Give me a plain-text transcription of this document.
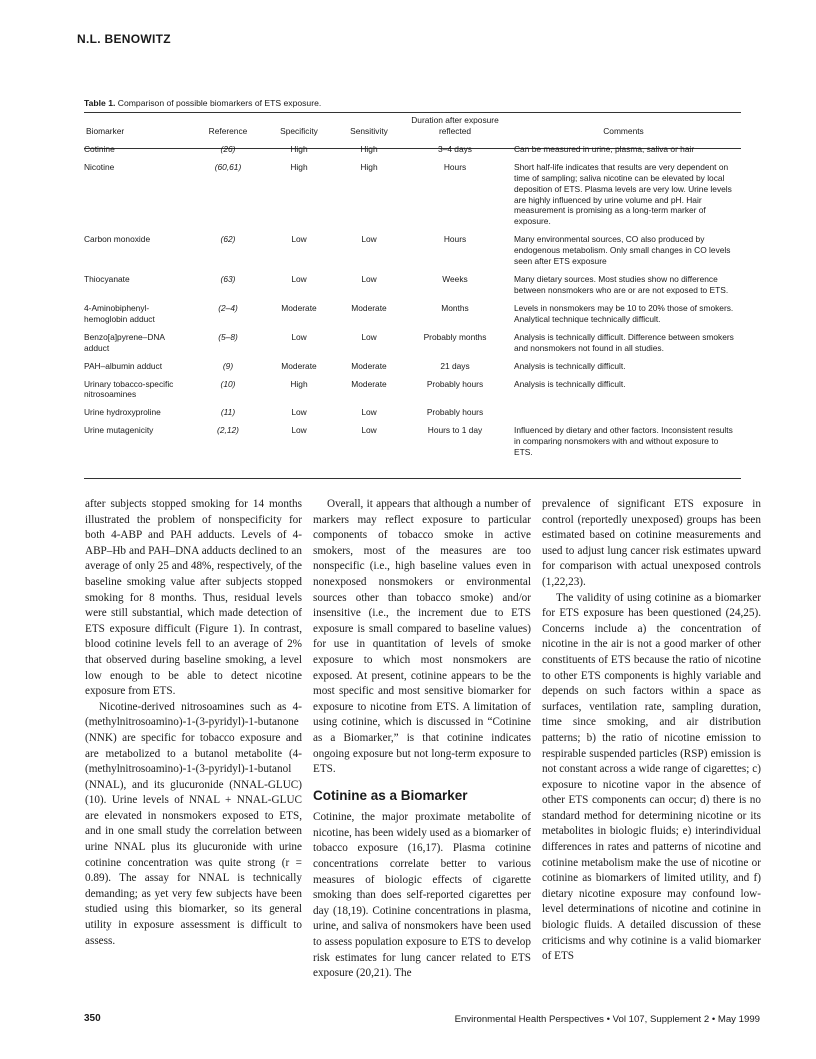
N.L. BENOWITZ
Table 1. Comparison of possible biomarkers of ETS exposure.
Biomarker	Reference	Specificity	Sensitivity	Duration after exposure reflected	Comments
Cotinine	(26)	High	High	3–4 days	Can be measured in urine, plasma, saliva or hair
Nicotine	(60,61)	High	High	Hours	Short half-life indicates that results are very dependent on time of sampling; saliva nicotine can be elevated by local deposition of ETS. Plasma levels are very low. Urine levels are highly influenced by urine volume and pH. Hair measurement is promising as a long-term marker of exposure.
Carbon monoxide	(62)	Low	Low	Hours	Many environmental sources, CO also produced by endogenous metabolism. Only small changes in CO levels seen after ETS exposure
Thiocyanate	(63)	Low	Low	Weeks	Many dietary sources. Most studies show no difference between nonsmokers who are or are not exposed to ETS.
4-Aminobiphenyl-hemoglobin adduct	(2–4)	Moderate	Moderate	Months	Levels in nonsmokers may be 10 to 20% those of smokers. Analytical technique technically difficult.
Benzo[a]pyrene–DNA adduct	(5–8)	Low	Low	Probably months	Analysis is technically difficult. Difference between smokers and nonsmokers not found in all studies.
PAH–albumin adduct	(9)	Moderate	Moderate	21 days	Analysis is technically difficult.
Urinary tobacco-specific nitrosoamines	(10)	High	Moderate	Probably hours	Analysis is technically difficult.
Urine hydroxyproline	(11)	Low	Low	Probably hours	
Urine mutagenicity	(2,12)	Low	Low	Hours to 1 day	Influenced by dietary and other factors. Inconsistent results in comparing nonsmokers with and without exposure to ETS.

after subjects stopped smoking for 14 months illustrated the problem of nonspecificity for both 4-ABP and PAH adducts. Levels of 4-ABP–Hb and PAH–DNA adducts declined to an average of only 25 and 48%, respectively, of the baseline smoking value after subjects stopped smoking for 8 months. Thus, residual levels were still substantial, which made detection of ETS exposure difficult (Figure 1). In contrast, blood cotinine levels fell to an average of 2% that observed during baseline smoking, a level low enough to be able to detect nicotine exposure from ETS.

Nicotine-derived nitrosoamines such as 4-(methylnitrosoamino)-1-(3-pyridyl)-1-butanone (NNK) are specific for tobacco exposure and are metabolized to a butanol metabolite (4-(methylnitrosoamino)-1-(3-pyridyl)-1-butanol (NNAL), and its glucuronide (NNAL-GLUC) (10). Urine levels of NNAL + NNAL-GLUC are elevated in nonsmokers exposed to ETS, and in one small study the correlation between urine NNAL plus its glucuronide with urine cotinine concentration was quite strong (r = 0.89). The assay for NNAL is technically demanding; as yet very few subjects have been studied using this biomarker, so its general utility in exposure assessment is difficult to assess.

Overall, it appears that although a number of markers may reflect exposure to particular components of tobacco smoke in active smokers, most of the measures are too nonspecific (i.e., high baseline values even in nonexposed nonsmokers or environmental sources other than tobacco smoke) and/or insensitive (i.e., the increment due to ETS exposure is small compared to baseline values) for use in quantitation of levels of smoke exposure to which most nonsmokers are exposed. At present, cotinine appears to be the most specific and most sensitive biomarker for exposure to nicotine from ETS. A limitation of using cotinine, which is discussed in “Cotinine as a Biomarker,” is that cotinine indicates ongoing exposure but not long-term exposure to ETS.

Cotinine as a Biomarker

Cotinine, the major proximate metabolite of nicotine, has been widely used as a biomarker of tobacco exposure (16,17). Plasma cotinine concentrations correlate better to various measures of biologic effects of cigarette smoking than does self-reported cigarettes per day (18,19). Cotinine concentrations in plasma, urine, and saliva of nonsmokers have been used to assess population exposure to ETS to develop risk estimates for lung cancer related to ETS exposure (20,21). The

prevalence of significant ETS exposure in control (reportedly unexposed) groups has been estimated based on cotinine measurements and used to adjust lung cancer risk estimates upward for comparison with actual unexposed controls (1,22,23).

The validity of using cotinine as a biomarker for ETS exposure has been questioned (24,25). Concerns include a) the concentration of nicotine in the air is not a good marker of other constituents of ETS because the ratio of nicotine to other ETS components is highly variable and depends on such factors within a space as surfaces, ventilation rate, sampling duration, time since smoking, and air distribution patterns; b) the ratio of nicotine emission to respirable suspended particles (RSP) emission is not constant across a wide range of cigarettes; c) exposure to nicotine vapor in the absence of other ETS components can occur; d) there is no standard method for determining nicotine or its metabolites in biologic fluids; e) interindividual differences in rates and patterns of nicotine and cotinine metabolism make the use of nicotine or cotinine as biomarkers of limited utility, and f) dietary nicotine exposure may confound low-level determinations of nicotine and cotinine in biologic fluids. A detailed discussion of these criticisms and why cotinine is a valid biomarker of ETS

350	Environmental Health Perspectives • Vol 107, Supplement 2 • May 1999
